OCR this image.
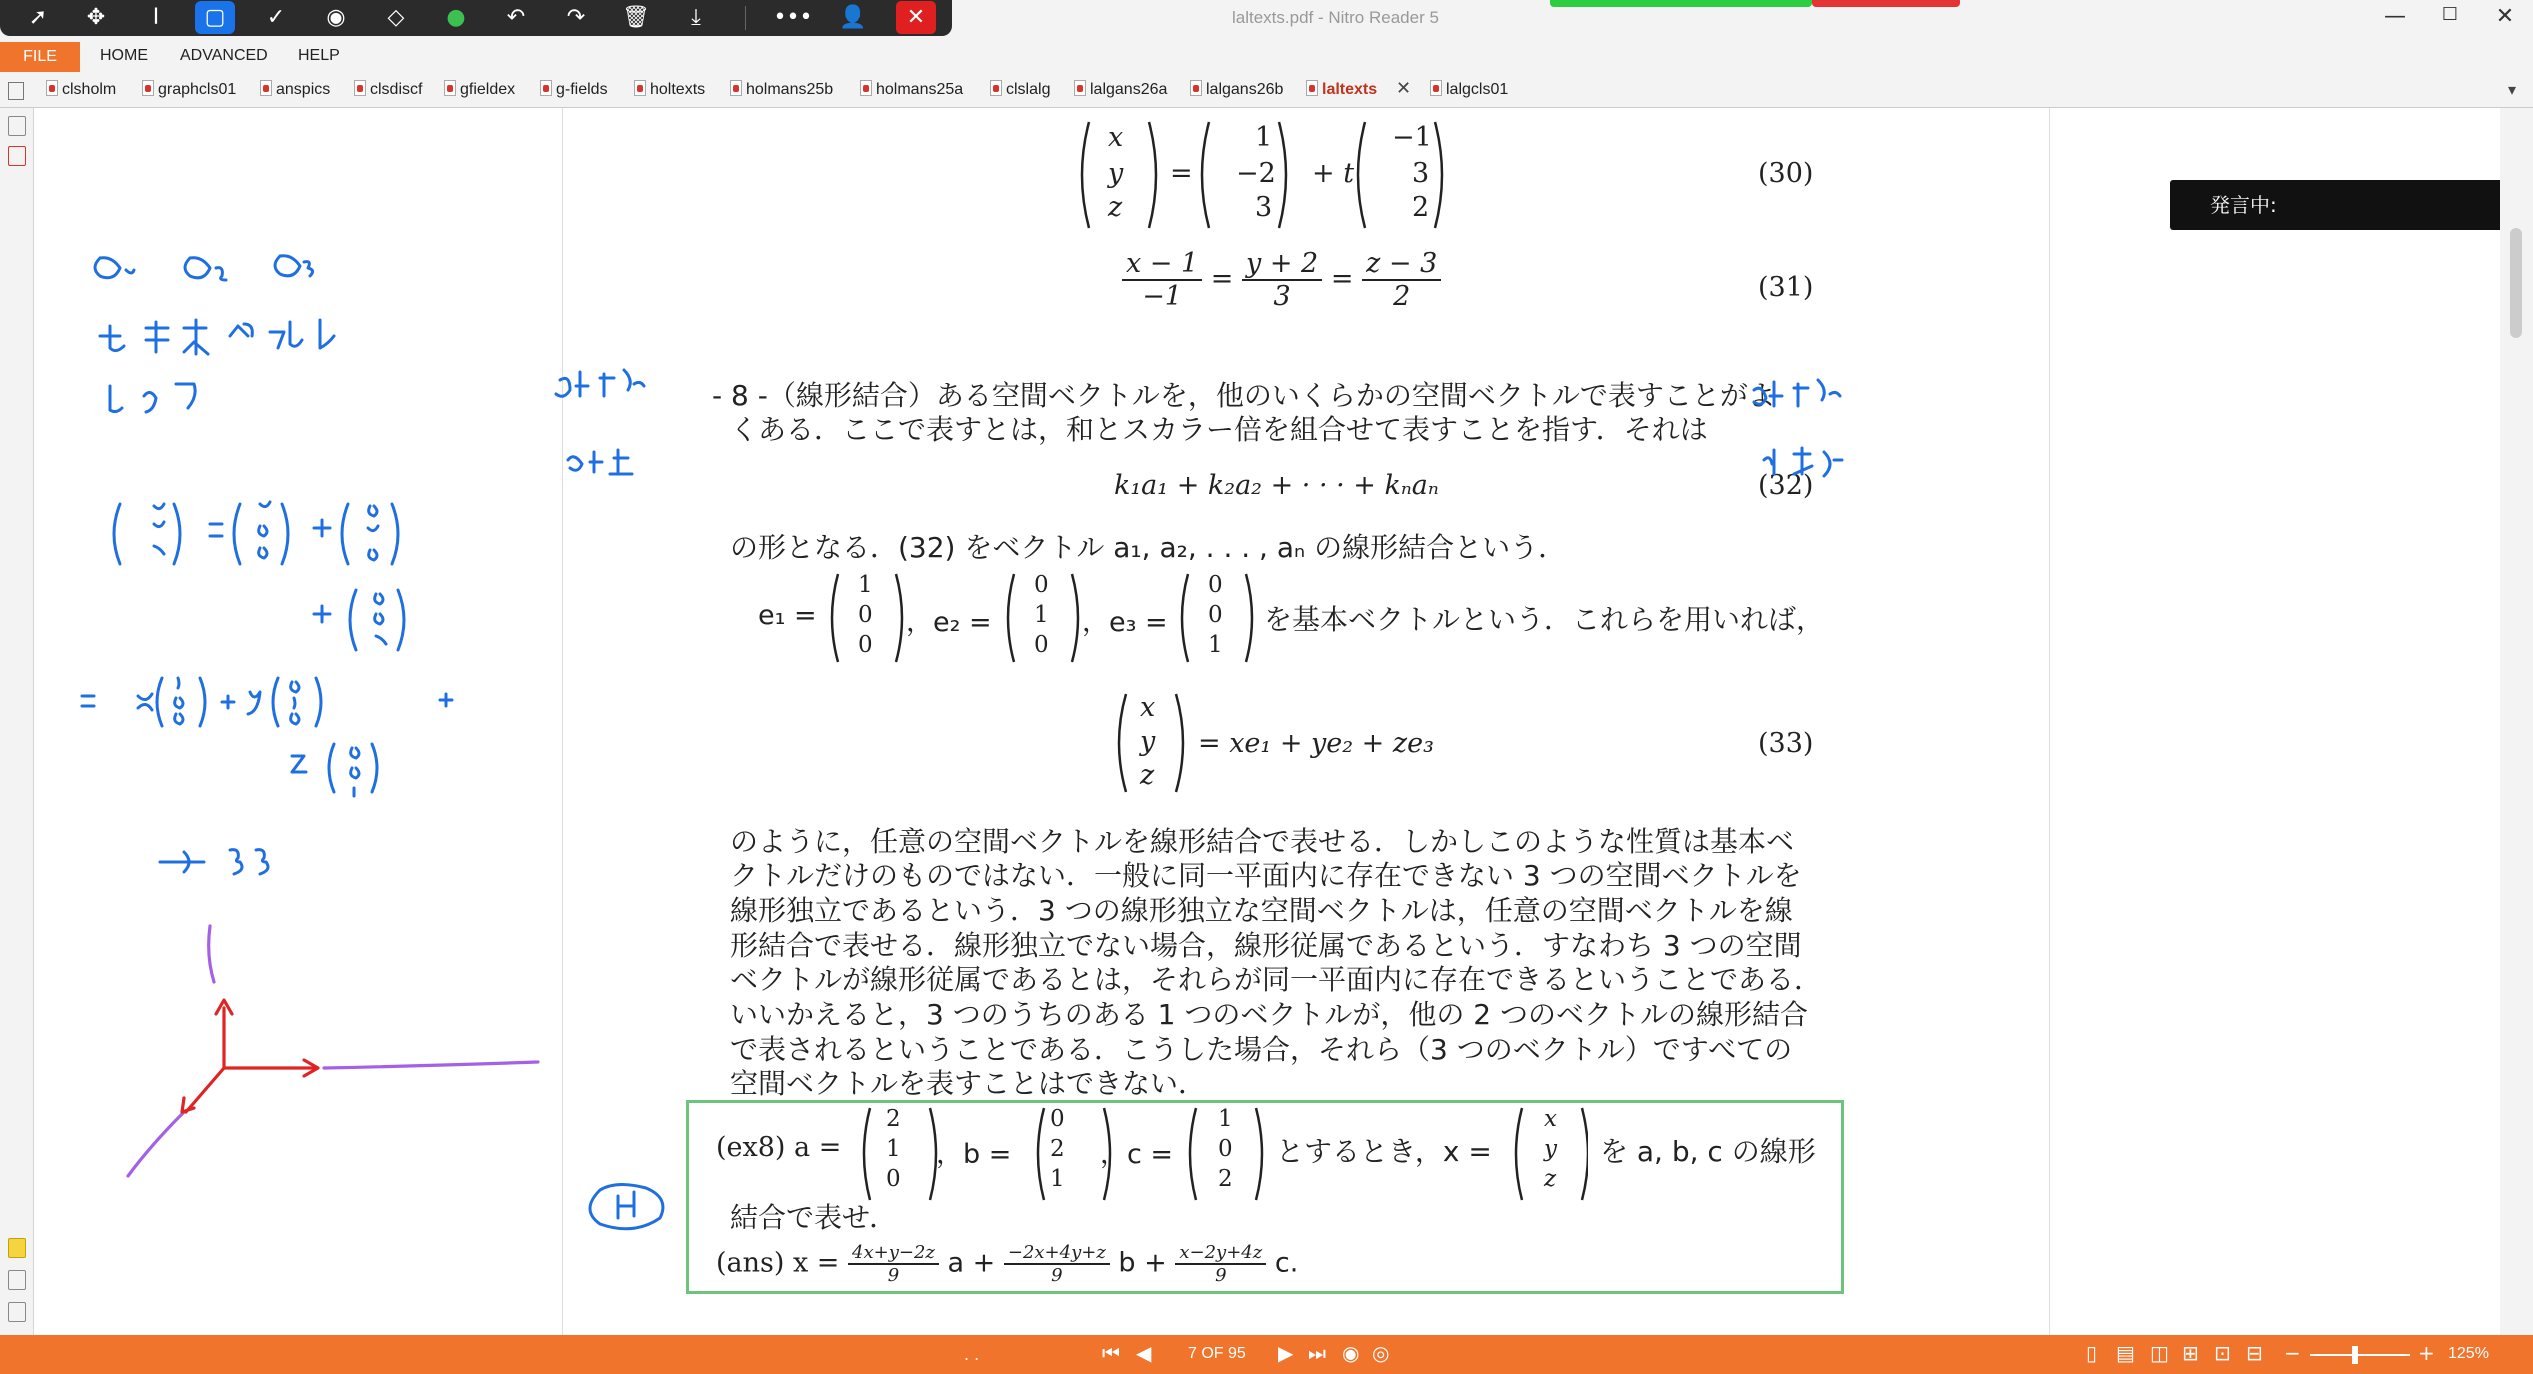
laltexts.pdf - Nitro Reader 5	—	☐	✕
➚	✥	Ι	▢	✓	◉	◇	●	↶	↷	🗑	⤓	••• 👤	✕
FILE	HOME ADVANCED HELP
clsholm	graphcls01	anspics	clsdiscf	gfieldex	g-fields	holtexts	holmans25b	holmans25a	clslalg	lalgans26a	lalgans26b	laltexts ✕	lalgcls01	▾
x
y
z
=
1
−2
3
+ t
−1
3
2
(30)
$\frac{x - 1}{-1} = \frac{y + 2}{3} = \frac{z - 3}{2}$	(31)
- 8 -（線形結合）ある空間ベクトルを，他のいくらかの空間ベクトルで表すことがよ
くある．ここで表すとは，和とスカラー倍を組合せて表すことを指す．それは
k₁a₁ + k₂a₂ + · · · + kₙaₙ	(32)
の形となる．(32) をベクトル a₁, a₂, . . . , aₙ の線形結合という．
e₁ =
1
0
0
，e₂ =
0
1
0
，e₃ =
0
0
1
を基本ベクトルという．これらを用いれば，
x
y
z
= xe₁ + ye₂ + ze₃	(33)
のように，任意の空間ベクトルを線形結合で表せる．しかしこのような性質は基本ベ
クトルだけのものではない．一般に同一平面内に存在できない 3 つの空間ベクトルを
線形独立であるという．3 つの線形独立な空間ベクトルは，任意の空間ベクトルを線
形結合で表せる．線形独立でない場合，線形従属であるという．すなわち 3 つの空間
ベクトルが線形従属であるとは，それらが同一平面内に存在できるということである．
いいかえると，3 つのうちのある 1 つのベクトルが，他の 2 つのベクトルの線形結合
で表されるということである．こうした場合，それら（3 つのベクトル）ですべての
空間ベクトルを表すことはできない．
(ex8) a =
2
1
0
，b =
0
2
1
，c =
1
0
2
とするとき，x =
x
y
z
を a, b, c の線形
結合で表せ．
(ans) $x = \frac{4x+y-2z}{9}$ $a + \frac{-2x+4y+z}{9}$ $b + \frac{x-2y+4z}{9} c$.
発言中:
. .	⏮ ◀ 7 OF 95 ▶ ⏭ ◉ ◎	▯ ▤ ◫ ⊞ ⊡ ⊟ −	+ 125%
